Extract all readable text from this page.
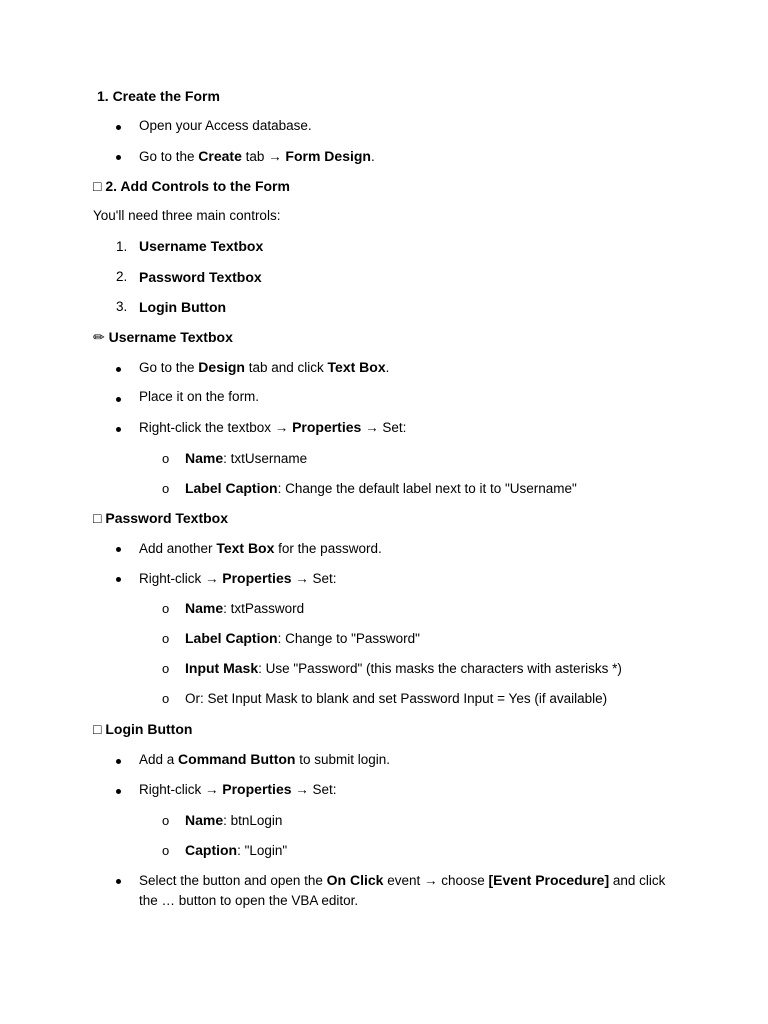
1. Create the Form
Open your Access database.
Go to the Create tab → Form Design.
□ 2. Add Controls to the Form
You'll need three main controls:
1. Username Textbox
2. Password Textbox
3. Login Button
✏ Username Textbox
Go to the Design tab and click Text Box.
Place it on the form.
Right-click the textbox → Properties → Set:
o Name: txtUsername
o Label Caption: Change the default label next to it to "Username"
□ Password Textbox
Add another Text Box for the password.
Right-click → Properties → Set:
o Name: txtPassword
o Label Caption: Change to "Password"
o Input Mask: Use "Password" (this masks the characters with asterisks *)
o Or: Set Input Mask to blank and set Password Input = Yes (if available)
□ Login Button
Add a Command Button to submit login.
Right-click → Properties → Set:
o Name: btnLogin
o Caption: "Login"
Select the button and open the On Click event → choose [Event Procedure] and click the … button to open the VBA editor.
